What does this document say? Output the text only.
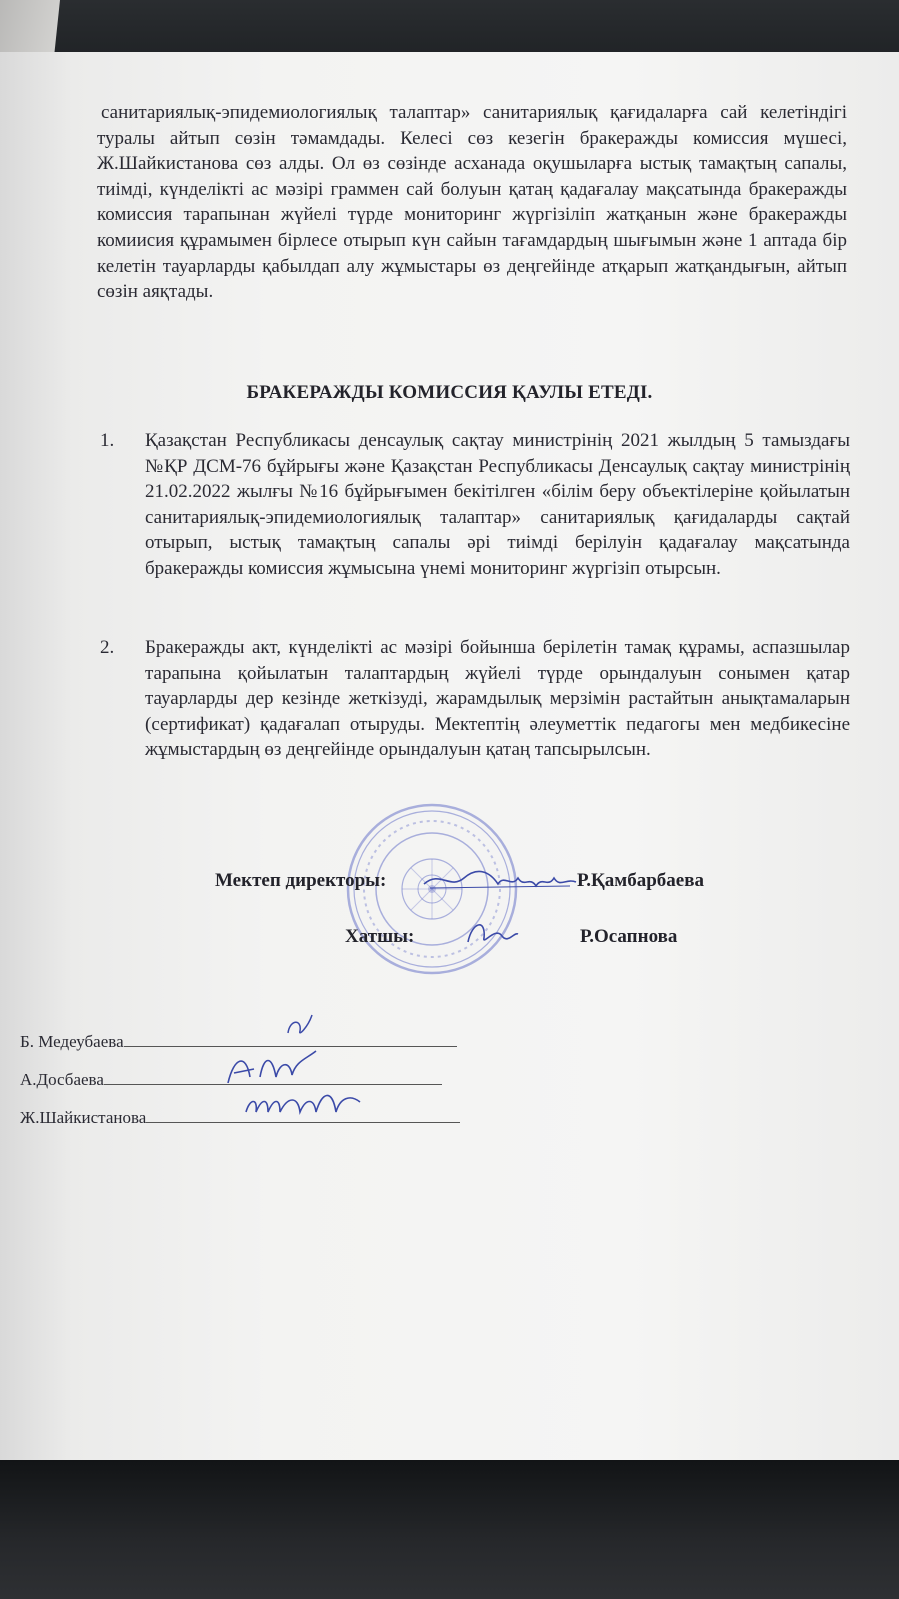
санитариялық-эпидемиологиялық талаптар» санитариялық қағидаларға сай келетіндігі туралы айтып сөзін тәмамдады. Келесі сөз кезегін бракеражды комиссия мүшесі, Ж.Шайкистанова сөз алды. Ол өз сөзінде асханада оқушыларға ыстық тамақтың сапалы, тиімді, күнделікті ас мәзірі граммен сай болуын қатаң қадағалау мақсатында бракеражды комиссия тарапынан жүйелі түрде мониторинг жүргізіліп жатқанын және бракеражды комиисия құрамымен бірлесе отырып күн сайын тағамдардың шығымын және 1 аптада бір келетін тауарларды қабылдап алу жұмыстары өз деңгейінде атқарып жатқандығын, айтып сөзін аяқтады.
БРАКЕРАЖДЫ КОМИССИЯ ҚАУЛЫ ЕТЕДІ.
1.	Қазақстан Республикасы денсаулық сақтау министрінің 2021 жылдың 5 тамыздағы №ҚР ДСМ-76 бұйрығы және Қазақстан Республикасы Денсаулық сақтау министрінің 21.02.2022 жылғы №16 бұйрығымен бекітілген «білім беру объектілеріне қойылатын санитариялық-эпидемиологиялық талаптар» санитариялық қағидаларды сақтай отырып, ыстық тамақтың сапалы әрі тиімді берілуін қадағалау мақсатында бракеражды комиссия жұмысына үнемі мониторинг жүргізіп отырсын.
2.	Бракеражды акт, күнделікті ас мәзірі бойынша берілетін тамақ құрамы, аспазшылар тарапына қойылатын талаптардың жүйелі түрде орындалуын сонымен қатар тауарларды дер кезінде жеткізуді, жарамдылық мерзімін растайтын анықтамаларын (сертификат) қадағалап отыруды. Мектептің әлеуметтік педагогы мен медбикесіне жұмыстардың өз деңгейінде орындалуын қатаң тапсырылсын.
Мектеп директоры:	Р.Қамбарбаева
Хатшы:	Р.Осапнова
Б. Медеубаева
А.Досбаева
Ж.Шайкистанова
